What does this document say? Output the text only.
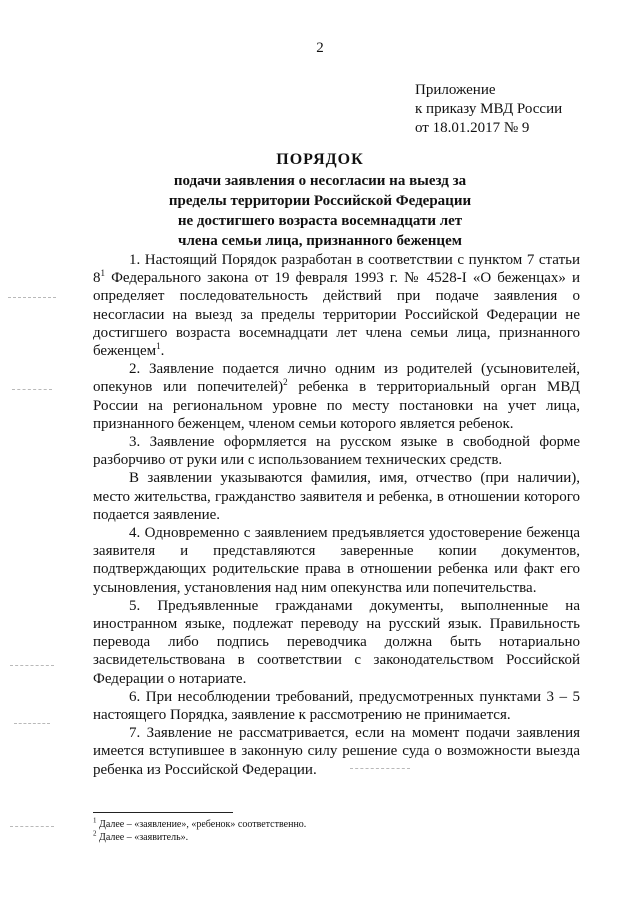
2
Приложение
к приказу МВД России
от 18.01.2017 № 9
ПОРЯДОК
подачи заявления о несогласии на выезд за
пределы территории Российской Федерации
не достигшего возраста восемнадцати лет
члена семьи лица, признанного беженцем

1. Настоящий Порядок разработан в соответствии с пунктом 7 статьи $8^1$ Федерального закона от 19 февраля 1993 г. № 4528-I «О беженцах» и определяет последовательность действий при подаче заявления о несогласии на выезд за пределы территории Российской Федерации не достигшего возраста восемнадцати лет члена семьи лица, признанного беженцем$^1$.

2. Заявление подается лично одним из родителей (усыновителей, опекунов или попечителей)$^2$ ребенка в территориальный орган МВД России на региональном уровне по месту постановки на учет лица, признанного беженцем, членом семьи которого является ребенок.

3. Заявление оформляется на русском языке в свободной форме разборчиво от руки или с использованием технических средств.

В заявлении указываются фамилия, имя, отчество (при наличии), место жительства, гражданство заявителя и ребенка, в отношении которого подается заявление.

4. Одновременно с заявлением предъявляется удостоверение беженца заявителя и представляются заверенные копии документов, подтверждающих родительские права в отношении ребенка или факт его усыновления, установления над ним опекунства или попечительства.

5. Предъявленные гражданами документы, выполненные на иностранном языке, подлежат переводу на русский язык. Правильность перевода либо подпись переводчика должна быть нотариально засвидетельствована в соответствии с законодательством Российской Федерации о нотариате.

6. При несоблюдении требований, предусмотренных пунктами 3 – 5 настоящего Порядка, заявление к рассмотрению не принимается.

7. Заявление не рассматривается, если на момент подачи заявления имеется вступившее в законную силу решение суда о возможности выезда ребенка из Российской Федерации.

$^1$ Далее – «заявление», «ребенок» соответственно.
$^2$ Далее – «заявитель».
